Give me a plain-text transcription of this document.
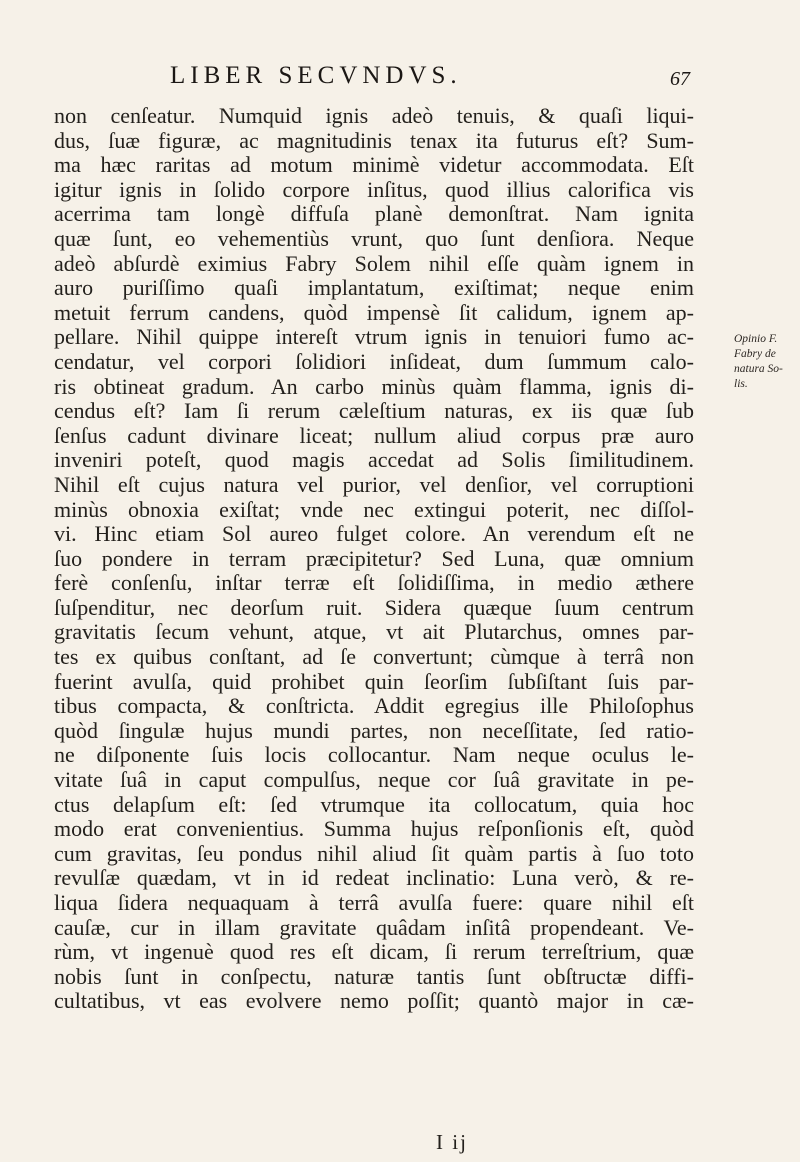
LIBER SECVNDVS.	67
non cenſeatur. Numquid ignis adeò tenuis, & quaſi liqui-
dus, ſuæ figuræ, ac magnitudinis tenax ita futurus eſt? Sum-
ma hæc raritas ad motum minimè videtur accommodata. Eſt
igitur ignis in ſolido corpore inſitus, quod illius calorifica vis
acerrima tam longè diffuſa planè demonſtrat. Nam ignita
quæ ſunt, eo vehementiùs vrunt, quo ſunt denſiora. Neque
adeò abſurdè eximius Fabry Solem nihil eſſe quàm ignem in
auro puriſſimo quaſi implantatum, exiſtimat; neque enim
metuit ferrum candens, quòd impensè ſit calidum, ignem ap-
pellare. Nihil quippe intereſt vtrum ignis in tenuiori fumo ac-
cendatur, vel corpori ſolidiori inſideat, dum ſummum calo-
ris obtineat gradum. An carbo minùs quàm flamma, ignis di-
cendus eſt? Iam ſi rerum cæleſtium naturas, ex iis quæ ſub
ſenſus cadunt divinare liceat; nullum aliud corpus præ auro
inveniri poteſt, quod magis accedat ad Solis ſimilitudinem.
Nihil eſt cujus natura vel purior, vel denſior, vel corruptioni
minùs obnoxia exiſtat; vnde nec extingui poterit, nec diſſol-
vi. Hinc etiam Sol aureo fulget colore. An verendum eſt ne
ſuo pondere in terram præcipitetur? Sed Luna, quæ omnium
ferè conſenſu, inſtar terræ eſt ſolidiſſima, in medio æthere
ſuſpenditur, nec deorſum ruit. Sidera quæque ſuum centrum
gravitatis ſecum vehunt, atque, vt ait Plutarchus, omnes par-
tes ex quibus conſtant, ad ſe convertunt; cùmque à terrâ non
fuerint avulſa, quid prohibet quin ſeorſim ſubſiſtant ſuis par-
tibus compacta, & conſtricta. Addit egregius ille Philoſophus
quòd ſingulæ hujus mundi partes, non neceſſitate, ſed ratio-
ne diſponente ſuis locis collocantur. Nam neque oculus le-
vitate ſuâ in caput compulſus, neque cor ſuâ gravitate in pe-
ctus delapſum eſt: ſed vtrumque ita collocatum, quia hoc
modo erat convenientius. Summa hujus reſponſionis eſt, quòd
cum gravitas, ſeu pondus nihil aliud ſit quàm partis à ſuo toto
revulſæ quædam, vt in id redeat inclinatio: Luna verò, & re-
liqua ſidera nequaquam à terrâ avulſa fuere: quare nihil eſt
cauſæ, cur in illam gravitate quâdam inſitâ propendeant. Ve-
rùm, vt ingenuè quod res eſt dicam, ſi rerum terreſtrium, quæ
nobis ſunt in conſpectu, naturæ tantis ſunt obſtructæ diffi-
cultatibus, vt eas evolvere nemo poſſit; quantò major in cæ-
Opinio F.
Fabry de
natura So-
lis.
I ij
